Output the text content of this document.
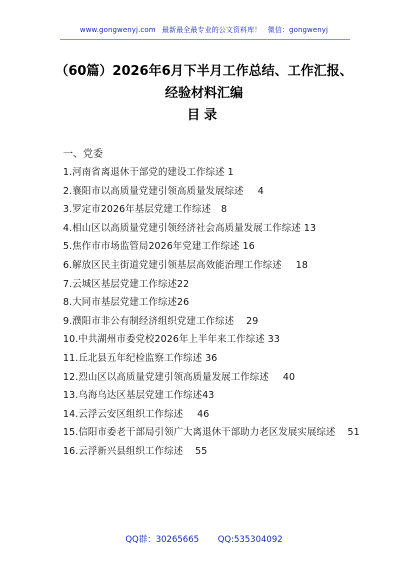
www.gongwenyj.com 最新最全最专业的公文资料库！ 微信：gongwenyj
（60篇）2026年6月下半月工作总结、工作汇报、
经验材料汇编
目录
一、党委
1.河南省离退休干部党的建设工作综述 1
2.襄阳市以高质量党建引领高质量发展综述 4
3.罗定市2026年基层党建工作综述 8
4.相山区以高质量党建引领经济社会高质量发展工作综述 13
5.焦作市市场监管局2026年党建工作综述 16
6.解放区民主街道党建引领基层高效能治理工作综述 18
7.云城区基层党建工作综述22
8.大同市基层党建工作综述26
9.濮阳市非公有制经济组织党建工作综述 29
10.中共湖州市委党校2026年上半年来工作综述 33
11.丘北县五年纪检监察工作综述 36
12.烈山区以高质量党建引领高质量发展工作综述 40
13.乌海乌达区基层党建工作综述43
14.云浮云安区组织工作综述 46
15.信阳市委老干部局引领广大离退休干部助力老区发展实展综述 51
16.云浮新兴县组织工作综述 55
QQ群：30265665 QQ:535304092
